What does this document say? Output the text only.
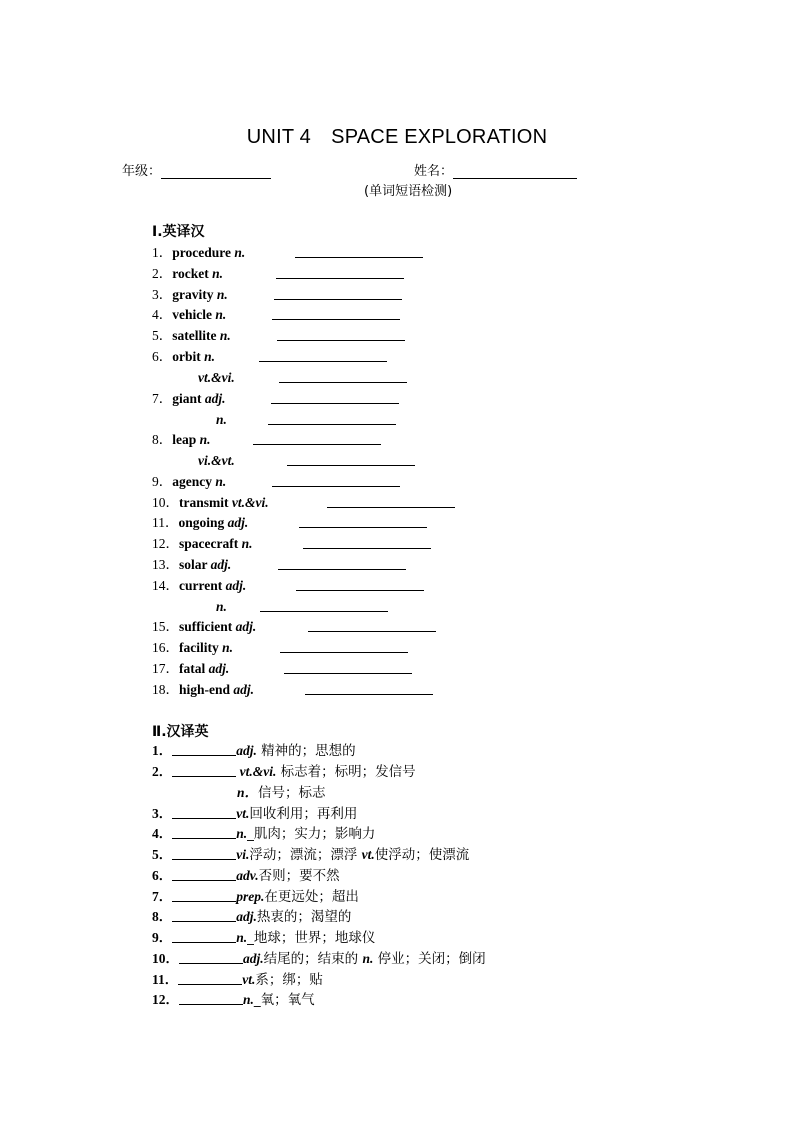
UNIT 4　SPACE EXPLORATION
年级：	姓名：
(单词短语检测)
Ⅰ.英译汉
1．procedure n.
2．rocket n.
3．gravity n.
4．vehicle n.
5．satellite n.
6．orbit n.
vt.&vi.
7．giant adj.
n.
8．leap n.
vi.&vt.
9．agency n.
10．transmit vt.&vi.
11．ongoing adj.
12．spacecraft n.
13．solar adj.
14．current adj.
n.
15．sufficient adj.
16．facility n.
17．fatal adj.
18．high-end adj.
Ⅱ.汉译英
1．	adj. 精神的；思想的
2．	vt.&vi. 标志着；标明；发信号
n．信号；标志
3．	vt.回收利用；再利用
4．	n._肌肉；实力；影响力
5．	vi.浮动；漂流；漂浮 vt.使浮动；使漂流
6．	adv.否则；要不然
7．	prep.在更远处；超出
8．	adj.热衷的；渴望的
9．	n._地球；世界；地球仪
10．	adj.结尾的；结束的 n. 停业；关闭；倒闭
11．	vt.系；绑；贴
12．	n._氧；氧气
